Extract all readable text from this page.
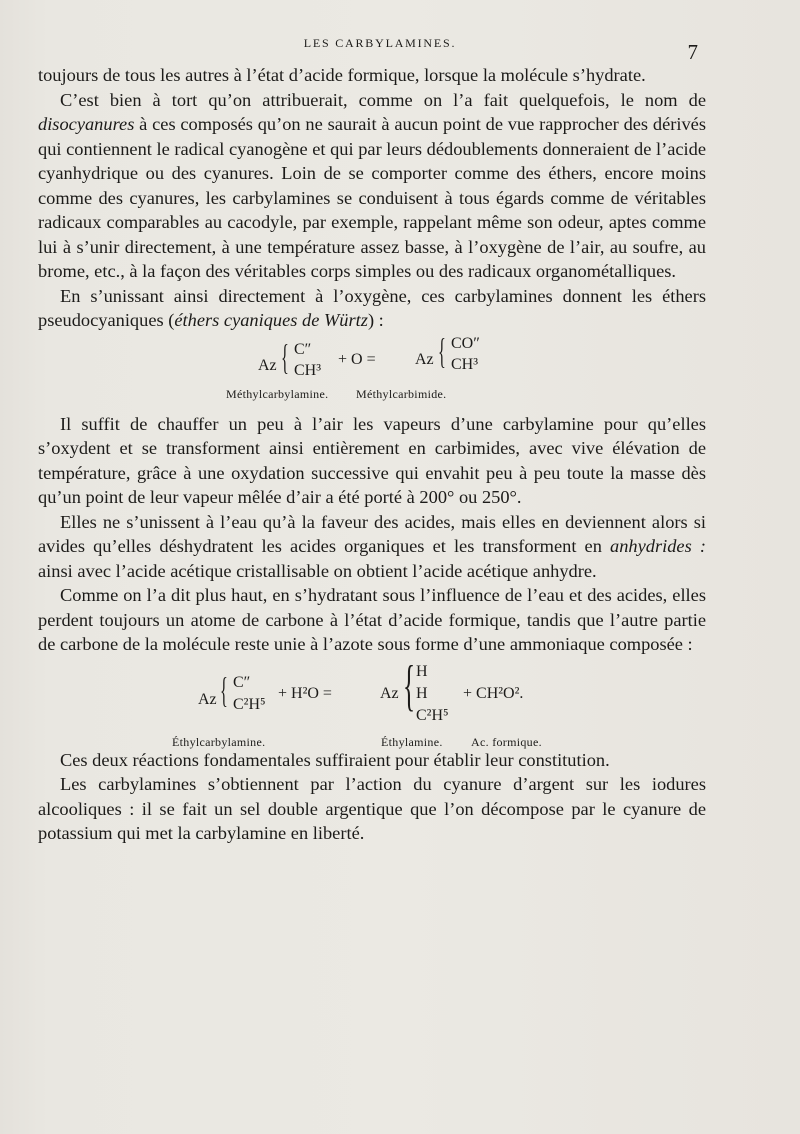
LES CARBYLAMINES.	7

toujours de tous les autres à l’état d’acide formique, lorsque la molécule s’hydrate.

C’est bien à tort qu’on attribuerait, comme on l’a fait quelquefois, le nom de disocyanures à ces composés qu’on ne saurait à aucun point de vue rapprocher des dérivés qui contiennent le radical cyanogène et qui par leurs dédoublements donneraient de l’acide cyanhydrique ou des cyanures. Loin de se comporter comme des éthers, encore moins comme des cyanures, les carbylamines se conduisent à tous égards comme de véritables radicaux comparables au cacodyle, par exemple, rappelant même son odeur, aptes comme lui à s’unir directement, à une température assez basse, à l’oxygène de l’air, au soufre, au brome, etc., à la façon des véritables corps simples ou des radicaux organométalliques.

En s’unissant ainsi directement à l’oxygène, ces carbylamines donnent les éthers pseudocyaniques (éthers cyaniques de Würtz) :

Az { C″
CH³
+ O = Az { CO″
CH³
Méthylcarbylamine. Méthylcarbimide.

Il suffit de chauffer un peu à l’air les vapeurs d’une carbylamine pour qu’elles s’oxydent et se transforment ainsi entièrement en carbimides, avec vive élévation de température, grâce à une oxydation successive qui envahit peu à peu toute la masse dès qu’un point de leur vapeur mêlée d’air a été porté à 200° ou 250°.

Elles ne s’unissent à l’eau qu’à la faveur des acides, mais elles en deviennent alors si avides qu’elles déshydratent les acides organiques et les transforment en anhydrides : ainsi avec l’acide acétique cristallisable on obtient l’acide acétique anhydre.

Comme on l’a dit plus haut, en s’hydratant sous l’influence de l’eau et des acides, elles perdent toujours un atome de carbone à l’état d’acide formique, tandis que l’autre partie de carbone de la molécule reste unie à l’azote sous forme d’une ammoniaque composée :

Az { C″
C²H⁵
+ H²O =	Az { H
H
C²H⁵
+ CH²O².
Éthylcarbylamine.	Éthylamine. Ac. formique.

Ces deux réactions fondamentales suffiraient pour établir leur constitution.

Les carbylamines s’obtiennent par l’action du cyanure d’argent sur les iodures alcooliques : il se fait un sel double argentique que l’on décompose par le cyanure de potassium qui met la carbylamine en liberté.
